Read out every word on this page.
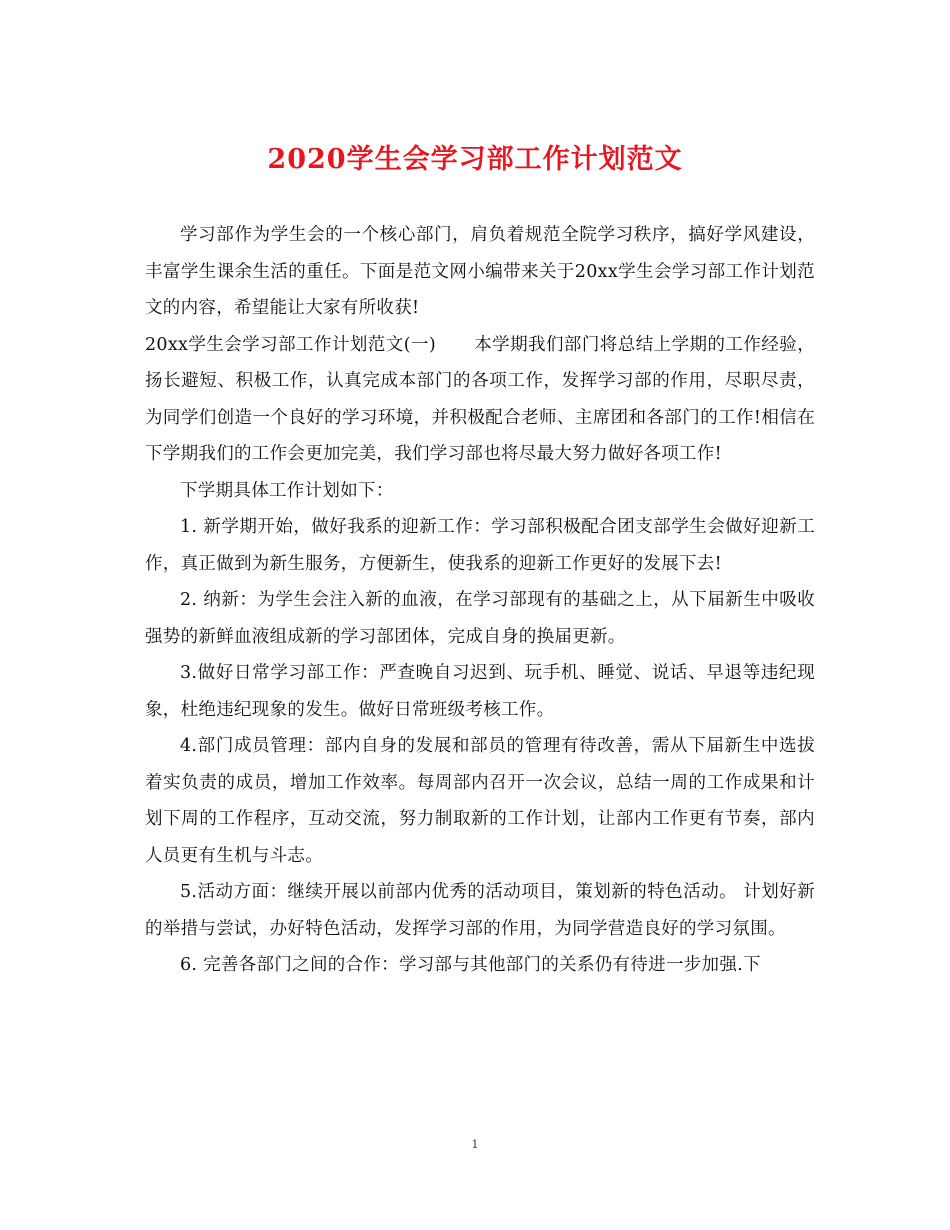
2020学生会学习部工作计划范文

学习部作为学生会的一个核心部门，肩负着规范全院学习秩序，搞好学风建设，丰富学生课余生活的重任。下面是范文网小编带来关于20xx学生会学习部工作计划范文的内容，希望能让大家有所收获!

20xx学生会学习部工作计划范文(一) 本学期我们部门将总结上学期的工作经验，扬长避短、积极工作，认真完成本部门的各项工作，发挥学习部的作用，尽职尽责，为同学们创造一个良好的学习环境，并积极配合老师、主席团和各部门的工作!相信在下学期我们的工作会更加完美，我们学习部也将尽最大努力做好各项工作!

下学期具体工作计划如下：

1. 新学期开始，做好我系的迎新工作：学习部积极配合团支部学生会做好迎新工作，真正做到为新生服务，方便新生，使我系的迎新工作更好的发展下去!

2. 纳新：为学生会注入新的血液，在学习部现有的基础之上，从下届新生中吸收强势的新鲜血液组成新的学习部团体，完成自身的换届更新。

3.做好日常学习部工作：严查晚自习迟到、玩手机、睡觉、说话、早退等违纪现象，杜绝违纪现象的发生。做好日常班级考核工作。

4.部门成员管理：部内自身的发展和部员的管理有待改善，需从下届新生中选拔着实负责的成员，增加工作效率。每周部内召开一次会议，总结一周的工作成果和计划下周的工作程序，互动交流，努力制取新的工作计划，让部内工作更有节奏，部内人员更有生机与斗志。

5.活动方面：继续开展以前部内优秀的活动项目，策划新的特色活动。 计划好新的举措与尝试，办好特色活动，发挥学习部的作用，为同学营造良好的学习氛围。

6. 完善各部门之间的合作：学习部与其他部门的关系仍有待进一步加强.下

1
